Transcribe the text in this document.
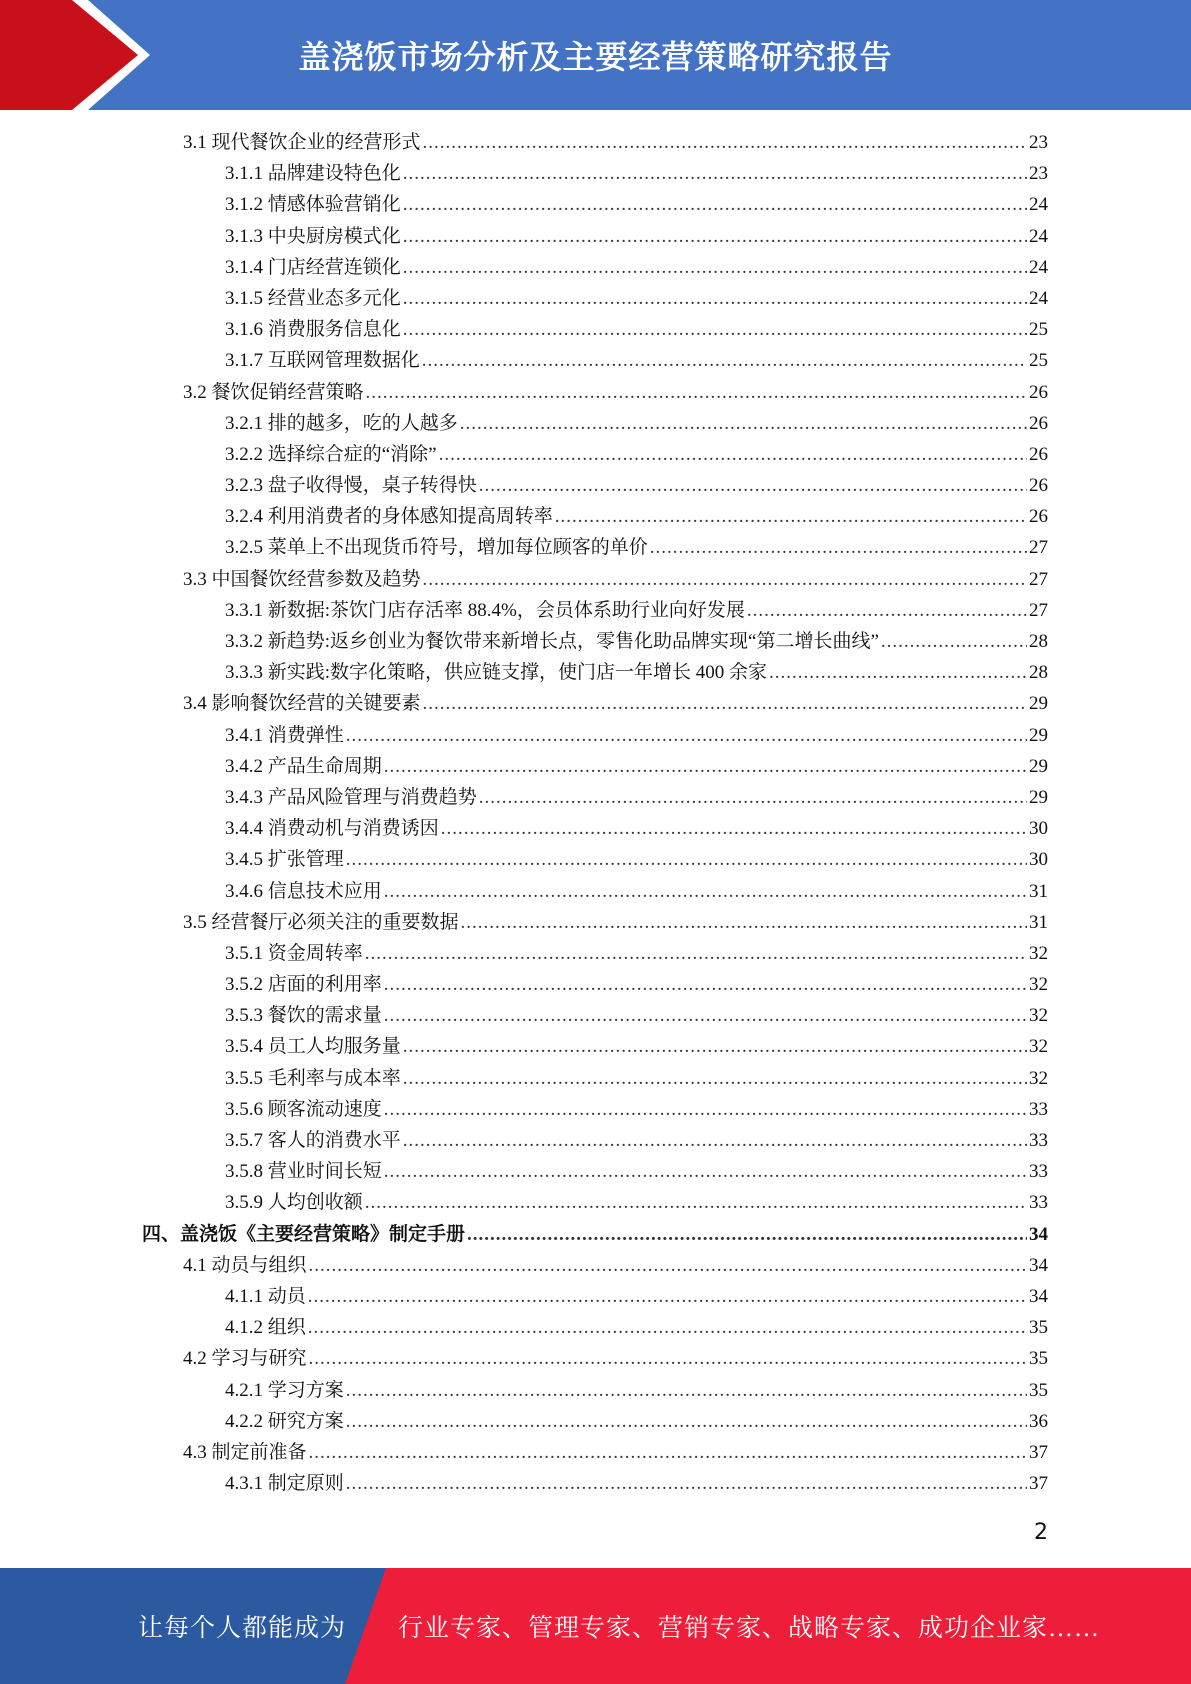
盖浇饭市场分析及主要经营策略研究报告
3.1 现代餐饮企业的经营形式 .....	23
3.1.1 品牌建设特色化 .....	23
3.1.2 情感体验营销化 .....	24
3.1.3 中央厨房模式化 .....	24
3.1.4 门店经营连锁化 .....	24
3.1.5 经营业态多元化 .....	24
3.1.6 消费服务信息化 .....	25
3.1.7 互联网管理数据化 .....	25
3.2 餐饮促销经营策略 .....	26
3.2.1 排的越多，吃的人越多 .....	26
3.2.2 选择综合症的“消除” .....	26
3.2.3 盘子收得慢，桌子转得快 .....	26
3.2.4 利用消费者的身体感知提高周转率 .....	26
3.2.5 菜单上不出现货币符号，增加每位顾客的单价 .....	27
3.3 中国餐饮经营参数及趋势 .....	27
3.3.1 新数据:茶饮门店存活率 88.4%，会员体系助行业向好发展 .....	27
3.3.2 新趋势:返乡创业为餐饮带来新增长点，零售化助品牌实现“第二增长曲线” .....	28
3.3.3 新实践:数字化策略，供应链支撑，使门店一年增长 400 余家 .....	28
3.4 影响餐饮经营的关键要素 .....	29
3.4.1 消费弹性 .....	29
3.4.2 产品生命周期 .....	29
3.4.3 产品风险管理与消费趋势 .....	29
3.4.4 消费动机与消费诱因 .....	30
3.4.5 扩张管理 .....	30
3.4.6 信息技术应用 .....	31
3.5 经营餐厅必须关注的重要数据 .....	31
3.5.1 资金周转率 .....	32
3.5.2 店面的利用率 .....	32
3.5.3 餐饮的需求量 .....	32
3.5.4 员工人均服务量 .....	32
3.5.5 毛利率与成本率 .....	32
3.5.6 顾客流动速度 .....	33
3.5.7 客人的消费水平 .....	33
3.5.8 营业时间长短 .....	33
3.5.9 人均创收额 .....	33
四、盖浇饭《主要经营策略》制定手册 .....	34
4.1 动员与组织 .....	34
4.1.1 动员 .....	34
4.1.2 组织 .....	35
4.2 学习与研究 .....	35
4.2.1 学习方案 .....	35
4.2.2 研究方案 .....	36
4.3 制定前准备 .....	37
4.3.1 制定原则 .....	37
2
让每个人都能成为 行业专家、管理专家、营销专家、战略专家、成功企业家……
